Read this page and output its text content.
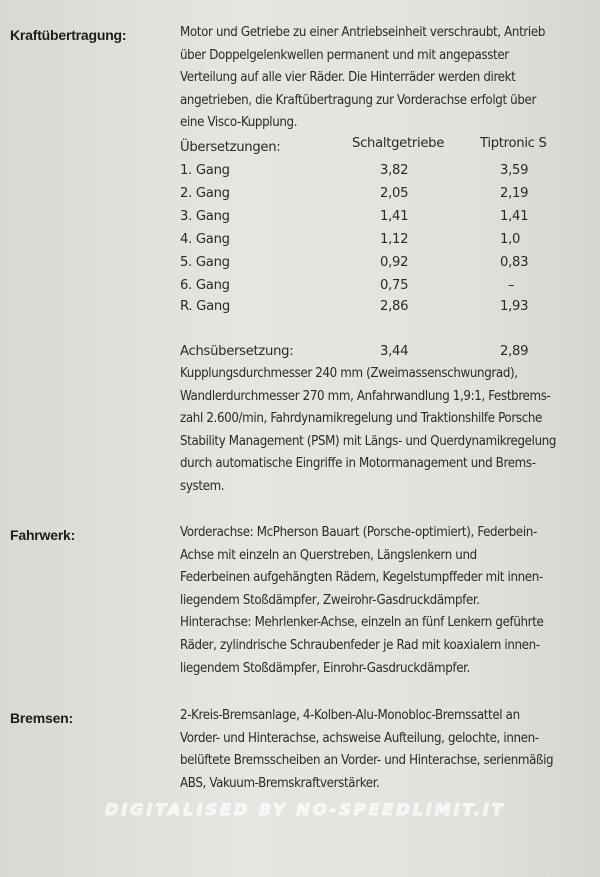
Kraftübertragung:	Motor und Getriebe zu einer Antriebseinheit verschraubt, Antrieb
über Doppelgelenkwellen permanent und mit angepasster
Verteilung auf alle vier Räder. Die Hinterräder werden direkt
angetrieben, die Kraftübertragung zur Vorderachse erfolgt über
eine Visco-Kupplung.
Übersetzungen:	Schaltgetriebe	Tiptronic S
1. Gang	3,82	3,59
2. Gang	2,05	2,19
3. Gang	1,41	1,41
4. Gang	1,12	1,0
5. Gang	0,92	0,83
6. Gang	0,75	–
R. Gang	2,86	1,93
Achsübersetzung:	3,44	2,89
Kupplungsdurchmesser 240 mm (Zweimassenschwungrad),
Wandlerdurchmesser 270 mm, Anfahrwandlung 1,9:1, Festbrems-
zahl 2.600/min, Fahrdynamikregelung und Traktionshilfe Porsche
Stability Management (PSM) mit Längs- und Querdynamikregelung
durch automatische Eingriffe in Motormanagement und Brems-
system.
Fahrwerk:	Vorderachse: McPherson Bauart (Porsche-optimiert), Federbein-
Achse mit einzeln an Querstreben, Längslenkern und
Federbeinen aufgehängten Rädern, Kegelstumpffeder mit innen-
liegendem Stoßdämpfer, Zweirohr-Gasdruckdämpfer.
Hinterachse: Mehrlenker-Achse, einzeln an fünf Lenkern geführte
Räder, zylindrische Schraubenfeder je Rad mit koaxialem innen-
liegendem Stoßdämpfer, Einrohr-Gasdruckdämpfer.
Bremsen:	2-Kreis-Bremsanlage, 4-Kolben-Alu-Monobloc-Bremssattel an
Vorder- und Hinterachse, achsweise Aufteilung, gelochte, innen-
belüftete Bremsscheiben an Vorder- und Hinterachse, serienmäßig
ABS, Vakuum-Bremskraftverstärker.
DIGITALISED BY NO-SPEEDLIMIT.IT
